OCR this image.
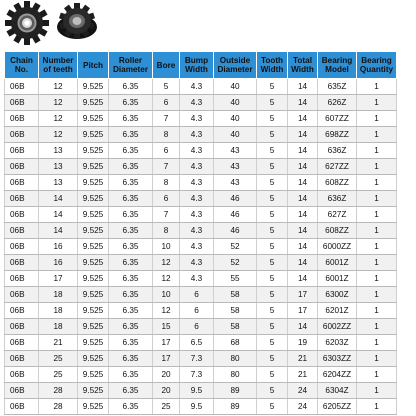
Chain No.	Number of teeth	Pitch	Roller Diameter	Bore	Bump Width	Outside Diameter	Tooth Width	Total Width	Bearing Model	Bearing Quantity
06B	12	9.525	6.35	5	4.3	40	5	14	635Z	1
06B	12	9.525	6.35	6	4.3	40	5	14	626Z	1
06B	12	9.525	6.35	7	4.3	40	5	14	607ZZ	1
06B	12	9.525	6.35	8	4.3	40	5	14	698ZZ	1
06B	13	9.525	6.35	6	4.3	43	5	14	636Z	1
06B	13	9.525	6.35	7	4.3	43	5	14	627ZZ	1
06B	13	9.525	6.35	8	4.3	43	5	14	608ZZ	1
06B	14	9.525	6.35	6	4.3	46	5	14	636Z	1
06B	14	9.525	6.35	7	4.3	46	5	14	627Z	1
06B	14	9.525	6.35	8	4.3	46	5	14	608ZZ	1
06B	16	9.525	6.35	10	4.3	52	5	14	6000ZZ	1
06B	16	9.525	6.35	12	4.3	52	5	14	6001Z	1
06B	17	9.525	6.35	12	4.3	55	5	14	6001Z	1
06B	18	9.525	6.35	10	6	58	5	17	6300Z	1
06B	18	9.525	6.35	12	6	58	5	17	6201Z	1
06B	18	9.525	6.35	15	6	58	5	14	6002ZZ	1
06B	21	9.525	6.35	17	6.5	68	5	19	6203Z	1
06B	25	9.525	6.35	17	7.3	80	5	21	6303ZZ	1
06B	25	9.525	6.35	20	7.3	80	5	21	6204ZZ	1
06B	28	9.525	6.35	20	9.5	89	5	24	6304Z	1
06B	28	9.525	6.35	25	9.5	89	5	24	6205ZZ	1
